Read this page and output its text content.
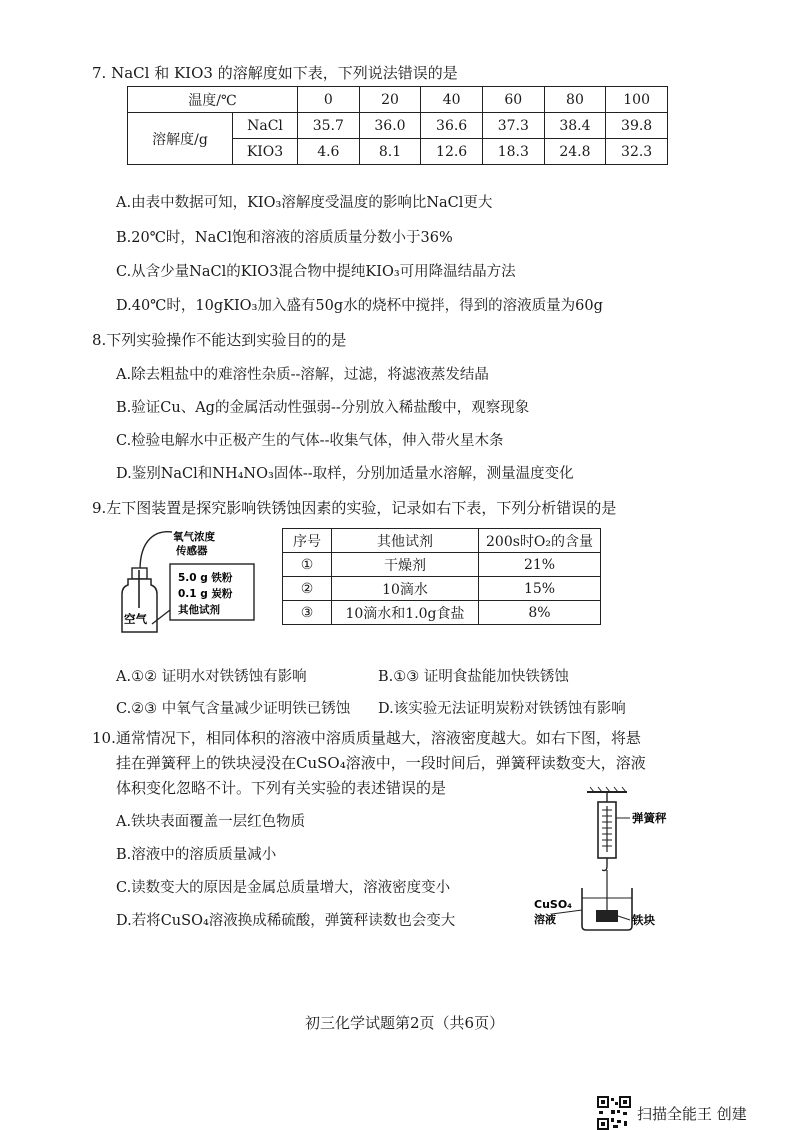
7. NaCl 和 KIO3 的溶解度如下表，下列说法错误的是
温度/℃		0	20	40	60	80	100
溶解度/g	NaCl	35.7	36.0	36.6	37.3	38.4	39.8
	KIO3	4.6	8.1	12.6	18.3	24.8	32.3
A.由表中数据可知，KIO₃溶解度受温度的影响比NaCl更大
B.20℃时，NaCl饱和溶液的溶质质量分数小于36%
C.从含少量NaCl的KIO3混合物中提纯KIO₃可用降温结晶方法
D.40℃时，10gKIO₃加入盛有50g水的烧杯中搅拌，得到的溶液质量为60g
8.下列实验操作不能达到实验目的的是
A.除去粗盐中的难溶性杂质--溶解，过滤，将滤液蒸发结晶
B.验证Cu、Ag的金属活动性强弱--分别放入稀盐酸中，观察现象
C.检验电解水中正极产生的气体--收集气体，伸入带火星木条
D.鉴别NaCl和NH₄NO₃固体--取样，分别加适量水溶解，测量温度变化
9.左下图装置是探究影响铁锈蚀因素的实验，记录如右下表，下列分析错误的是
氧气浓度
传感器
5.0 g 铁粉
0.1 g 炭粉
其他试剂
空气
序号	其他试剂	200s时O₂的含量
①	干燥剂	21%
②	10滴水	15%
③	10滴水和1.0g食盐	8%
A.①② 证明水对铁锈蚀有影响	B.①③ 证明食盐能加快铁锈蚀
C.②③ 中氧气含量减少证明铁已锈蚀 D.该实验无法证明炭粉对铁锈蚀有影响
10.通常情况下，相同体积的溶液中溶质质量越大，溶液密度越大。如右下图，将悬
挂在弹簧秤上的铁块浸没在CuSO₄溶液中，一段时间后，弹簧秤读数变大，溶液
体积变化忽略不计。下列有关实验的表述错误的是
A.铁块表面覆盖一层红色物质
B.溶液中的溶质质量减小
C.读数变大的原因是金属总质量增大，溶液密度变小
D.若将CuSO₄溶液换成稀硫酸，弹簧秤读数也会变大
弹簧秤
CuSO₄
溶液	铁块
初三化学试题第2页（共6页）
扫描全能王 创建
